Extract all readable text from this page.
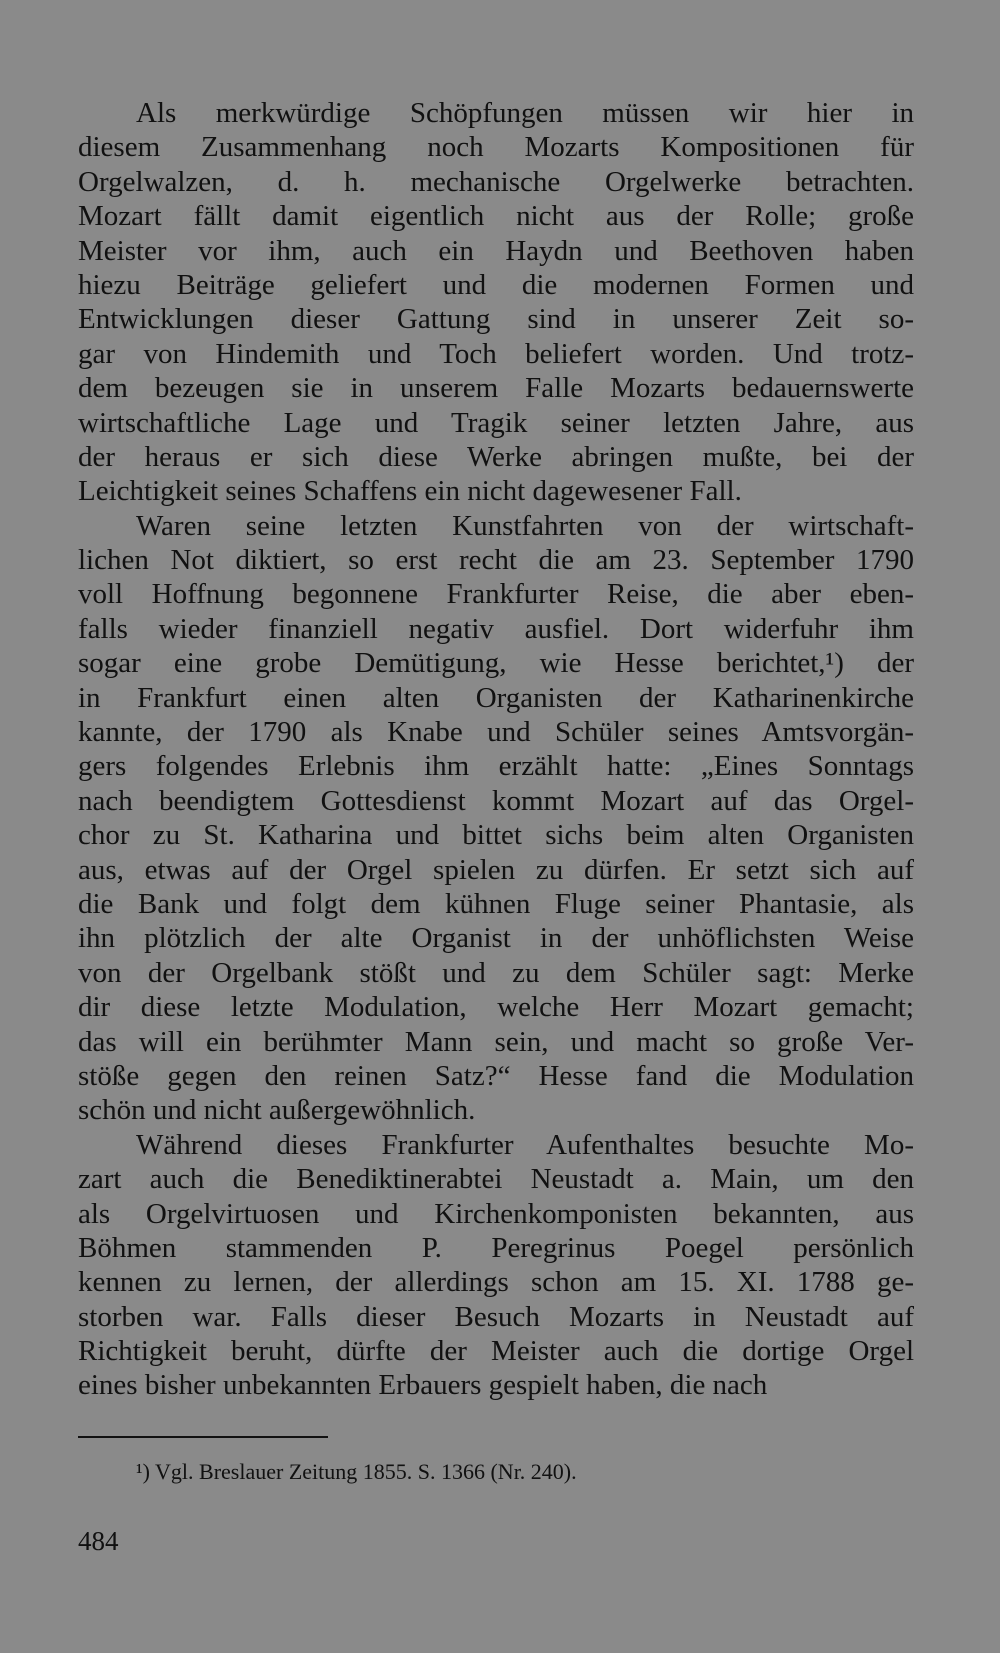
Als merkwürdige Schöpfungen müssen wir hier in
diesem Zusammenhang noch Mozarts Kompositionen für
Orgelwalzen, d. h. mechanische Orgelwerke betrachten.
Mozart fällt damit eigentlich nicht aus der Rolle; große
Meister vor ihm, auch ein Haydn und Beethoven haben
hiezu Beiträge geliefert und die modernen Formen und
Entwicklungen dieser Gattung sind in unserer Zeit so-
gar von Hindemith und Toch beliefert worden. Und trotz-
dem bezeugen sie in unserem Falle Mozarts bedauernswerte
wirtschaftliche Lage und Tragik seiner letzten Jahre, aus
der heraus er sich diese Werke abringen mußte, bei der
Leichtigkeit seines Schaffens ein nicht dagewesener Fall.
Waren seine letzten Kunstfahrten von der wirtschaft-
lichen Not diktiert, so erst recht die am 23. September 1790
voll Hoffnung begonnene Frankfurter Reise, die aber eben-
falls wieder finanziell negativ ausfiel. Dort widerfuhr ihm
sogar eine grobe Demütigung, wie Hesse berichtet,¹) der
in Frankfurt einen alten Organisten der Katharinenkirche
kannte, der 1790 als Knabe und Schüler seines Amtsvorgän-
gers folgendes Erlebnis ihm erzählt hatte: „Eines Sonntags
nach beendigtem Gottesdienst kommt Mozart auf das Orgel-
chor zu St. Katharina und bittet sichs beim alten Organisten
aus, etwas auf der Orgel spielen zu dürfen. Er setzt sich auf
die Bank und folgt dem kühnen Fluge seiner Phantasie, als
ihn plötzlich der alte Organist in der unhöflichsten Weise
von der Orgelbank stößt und zu dem Schüler sagt: Merke
dir diese letzte Modulation, welche Herr Mozart gemacht;
das will ein berühmter Mann sein, und macht so große Ver-
stöße gegen den reinen Satz?“ Hesse fand die Modulation
schön und nicht außergewöhnlich.
Während dieses Frankfurter Aufenthaltes besuchte Mo-
zart auch die Benediktinerabtei Neustadt a. Main, um den
als Orgelvirtuosen und Kirchenkomponisten bekannten, aus
Böhmen stammenden P. Peregrinus Poegel persönlich
kennen zu lernen, der allerdings schon am 15. XI. 1788 ge-
storben war. Falls dieser Besuch Mozarts in Neustadt auf
Richtigkeit beruht, dürfte der Meister auch die dortige Orgel
eines bisher unbekannten Erbauers gespielt haben, die nach
¹) Vgl. Breslauer Zeitung 1855. S. 1366 (Nr. 240).
484
